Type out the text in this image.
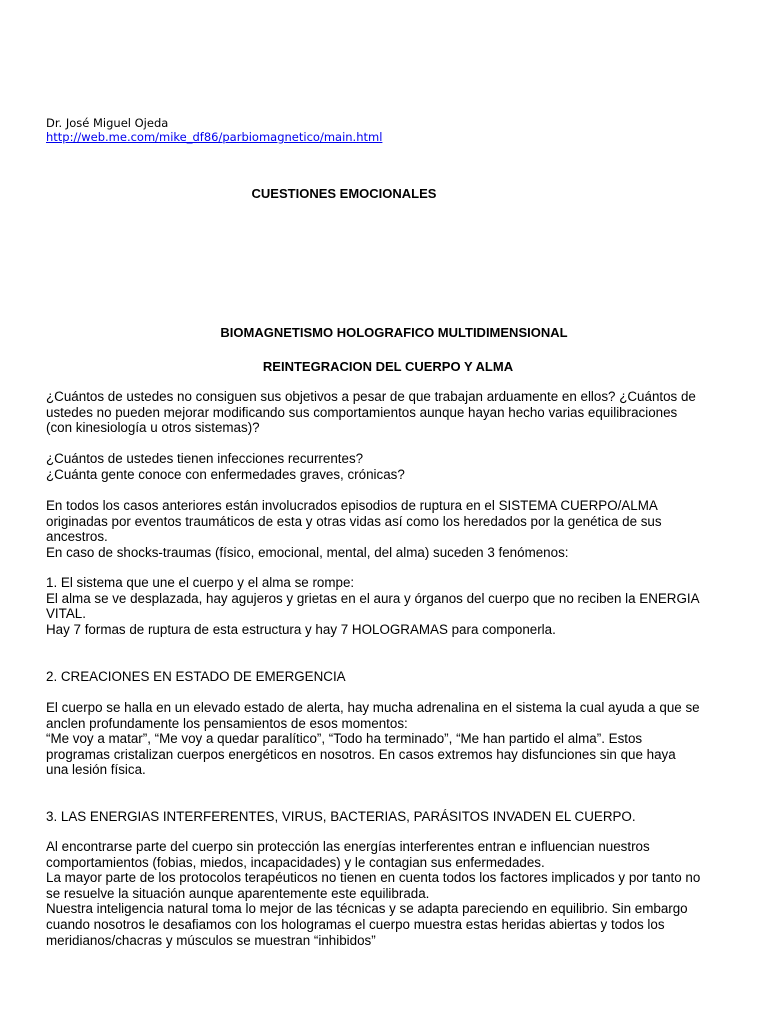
Dr. José Miguel Ojeda
http://web.me.com/mike_df86/parbiomagnetico/main.html
CUESTIONES EMOCIONALES
BIOMAGNETISMO HOLOGRAFICO MULTIDIMENSIONAL
REINTEGRACION DEL CUERPO Y ALMA
¿Cuántos de ustedes no consiguen sus objetivos a pesar de que trabajan arduamente en ellos? ¿Cuántos de
ustedes no pueden mejorar modificando sus comportamientos aunque hayan hecho varias equilibraciones
(con kinesiología u otros sistemas)?
¿Cuántos de ustedes tienen infecciones recurrentes?
¿Cuánta gente conoce con enfermedades graves, crónicas?
En todos los casos anteriores están involucrados episodios de ruptura en el SISTEMA CUERPO/ALMA
originadas por eventos traumáticos de esta y otras vidas así como los heredados por la genética de sus
ancestros.
En caso de shocks-traumas (físico, emocional, mental, del alma) suceden 3 fenómenos:
1. El sistema que une el cuerpo y el alma se rompe:
El alma se ve desplazada, hay agujeros y grietas en el aura y órganos del cuerpo que no reciben la ENERGIA
VITAL.
Hay 7 formas de ruptura de esta estructura y hay 7 HOLOGRAMAS para componerla.
2. CREACIONES EN ESTADO DE EMERGENCIA
El cuerpo se halla en un elevado estado de alerta, hay mucha adrenalina en el sistema la cual ayuda a que se
anclen profundamente los pensamientos de esos momentos:
“Me voy a matar”, “Me voy a quedar paralítico”, “Todo ha terminado”, “Me han partido el alma”. Estos
programas cristalizan cuerpos energéticos en nosotros. En casos extremos hay disfunciones sin que haya
una lesión física.
3. LAS ENERGIAS INTERFERENTES, VIRUS, BACTERIAS, PARÁSITOS INVADEN EL CUERPO.
Al encontrarse parte del cuerpo sin protección las energías interferentes entran e influencian nuestros
comportamientos (fobias, miedos, incapacidades) y le contagian sus enfermedades.
La mayor parte de los protocolos terapéuticos no tienen en cuenta todos los factores implicados y por tanto no
se resuelve la situación aunque aparentemente este equilibrada.
Nuestra inteligencia natural toma lo mejor de las técnicas y se adapta pareciendo en equilibrio. Sin embargo
cuando nosotros le desafiamos con los hologramas el cuerpo muestra estas heridas abiertas y todos los
meridianos/chacras y músculos se muestran “inhibidos”
